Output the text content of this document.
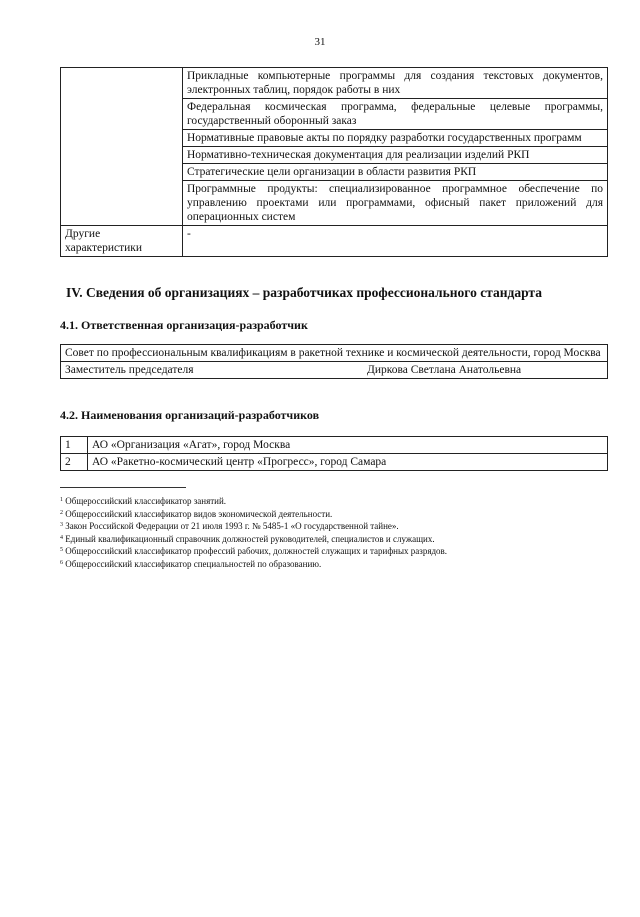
31
	Прикладные компьютерные программы для создания текстовых документов, электронных таблиц, порядок работы в них
	Федеральная космическая программа, федеральные целевые программы, государственный оборонный заказ
	Нормативные правовые акты по порядку разработки государственных программ
	Нормативно-техническая документация для реализации изделий РКП
	Стратегические цели организации в области развития РКП
	Программные продукты: специализированное программное обеспечение по управлению проектами или программами, офисный пакет приложений для операционных систем
Другие характеристики	-
IV. Сведения об организациях – разработчиках профессионального стандарта
4.1. Ответственная организация-разработчик
Совет по профессиональным квалификациям в ракетной технике и космической деятельности, город Москва
Заместитель председателя	Диркова Светлана Анатольевна
4.2. Наименования организаций-разработчиков
1	АО «Организация «Агат», город Москва
2	АО «Ракетно-космический центр «Прогресс», город Самара
$^1$ Общероссийский классификатор занятий.
$^2$ Общероссийский классификатор видов экономической деятельности.
$^3$ Закон Российской Федерации от 21 июля 1993 г. № 5485-1 «О государственной тайне».
$^4$ Единый квалификационный справочник должностей руководителей, специалистов и служащих.
$^5$ Общероссийский классификатор профессий рабочих, должностей служащих и тарифных разрядов.
$^6$ Общероссийский классификатор специальностей по образованию.
